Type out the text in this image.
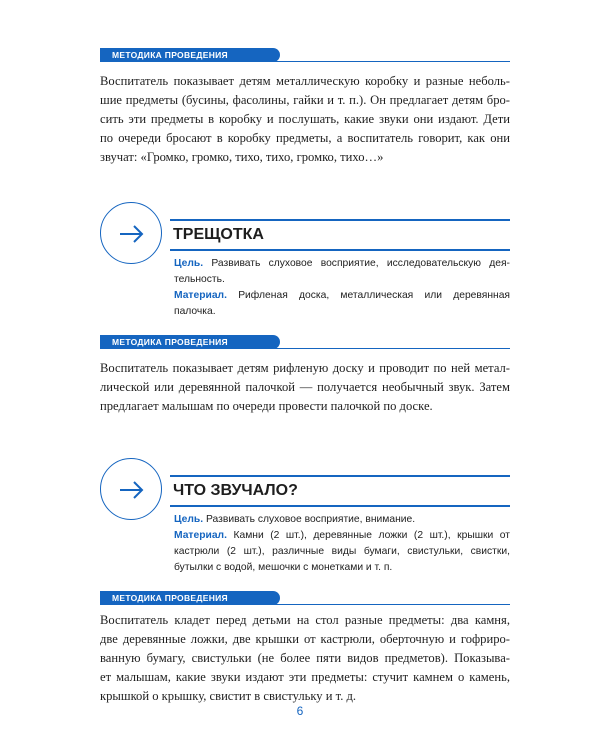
МЕТОДИКА ПРОВЕДЕНИЯ

Воспитатель показывает детям металлическую коробку и разные неболь-
шие предметы (бусины, фасолины, гайки и т. п.). Он предлагает детям бро-
сить эти предметы в коробку и послушать, какие звуки они издают. Дети
по очереди бросают в коробку предметы, а воспитатель говорит, как они
звучат: «Громко, громко, тихо, тихо, громко, тихо…»

ТРЕЩОТКА
Цель. Развивать слуховое восприятие, исследовательскую дея-
тельность.
Материал. Рифленая доска, металлическая или деревянная
палочка.
МЕТОДИКА ПРОВЕДЕНИЯ

Воспитатель показывает детям рифленую доску и проводит по ней метал-
лической или деревянной палочкой — получается необычный звук. Затем
предлагает малышам по очереди провести палочкой по доске.

ЧТО ЗВУЧАЛО?
Цель. Развивать слуховое восприятие, внимание.
Материал. Камни (2 шт.), деревянные ложки (2 шт.), крышки от
кастрюли (2 шт.), различные виды бумаги, свистульки, свистки,
бутылки с водой, мешочки с монетками и т. п.
МЕТОДИКА ПРОВЕДЕНИЯ

Воспитатель кладет перед детьми на стол разные предметы: два камня,
две деревянные ложки, две крышки от кастрюли, оберточную и гофриро-
ванную бумагу, свистульки (не более пяти видов предметов). Показыва-
ет малышам, какие звуки издают эти предметы: стучит камнем о камень,
крышкой о крышку, свистит в свистульку и т. д.

6
